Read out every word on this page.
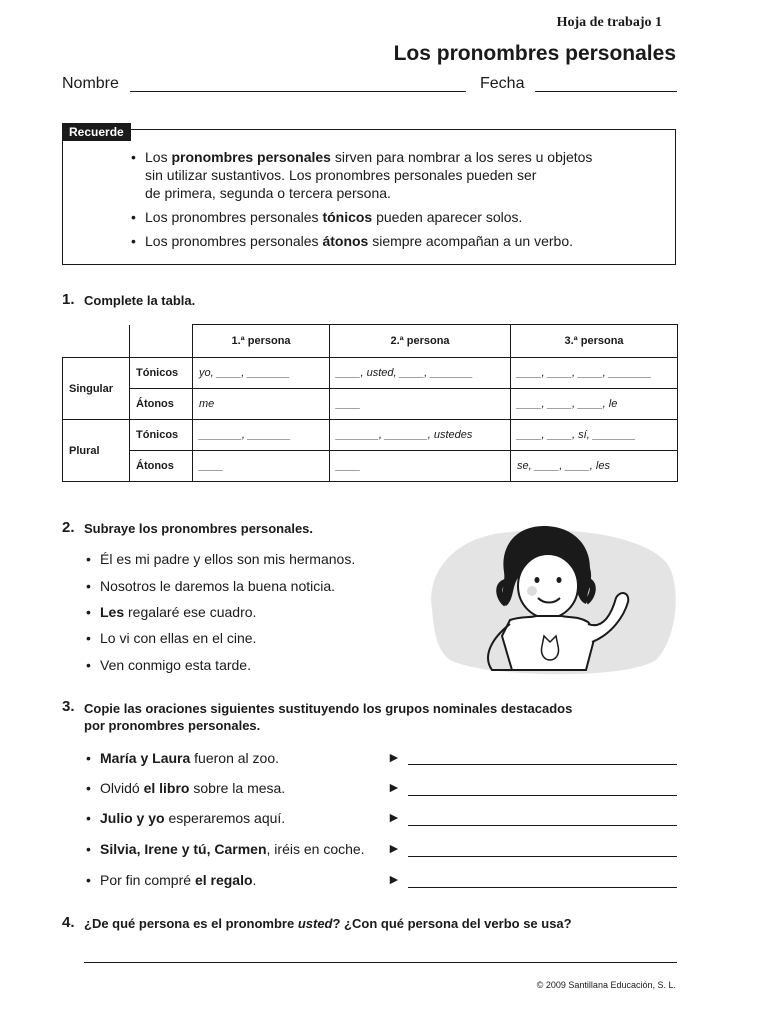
Hoja de trabajo 1
Los pronombres personales
Nombre	Fecha
Recuerde
• Los pronombres personales sirven para nombrar a los seres u objetos
sin utilizar sustantivos. Los pronombres personales pueden ser
de primera, segunda o tercera persona.
• Los pronombres personales tónicos pueden aparecer solos.
• Los pronombres personales átonos siempre acompañan a un verbo.
1. Complete la tabla.
		1.ª persona	2.ª persona	3.ª persona
Singular	Tónicos	yo, ____, _______	____, usted, ____, _______	____, ____, ____, _______
	Átonos	me	____	____, ____, ____, le
Plural	Tónicos	_______, _______	_______, _______, ustedes	____, ____, sí, _______
	Átonos	____	____	se, ____, ____, les
2. Subraye los pronombres personales.
• Él es mi padre y ellos son mis hermanos.
• Nosotros le daremos la buena noticia.
• Les regalaré ese cuadro.
• Lo vi con ellas en el cine.
• Ven conmigo esta tarde.
3. Copie las oraciones siguientes sustituyendo los grupos nominales destacados
por pronombres personales.
• María y Laura fueron al zoo.
• Olvidó el libro sobre la mesa.
• Julio y yo esperaremos aquí.
• Silvia, Irene y tú, Carmen, iréis en coche.
• Por fin compré el regalo.
►
►
►
►
►
4. ¿De qué persona es el pronombre usted? ¿Con qué persona del verbo se usa?
© 2009 Santillana Educación, S. L.
